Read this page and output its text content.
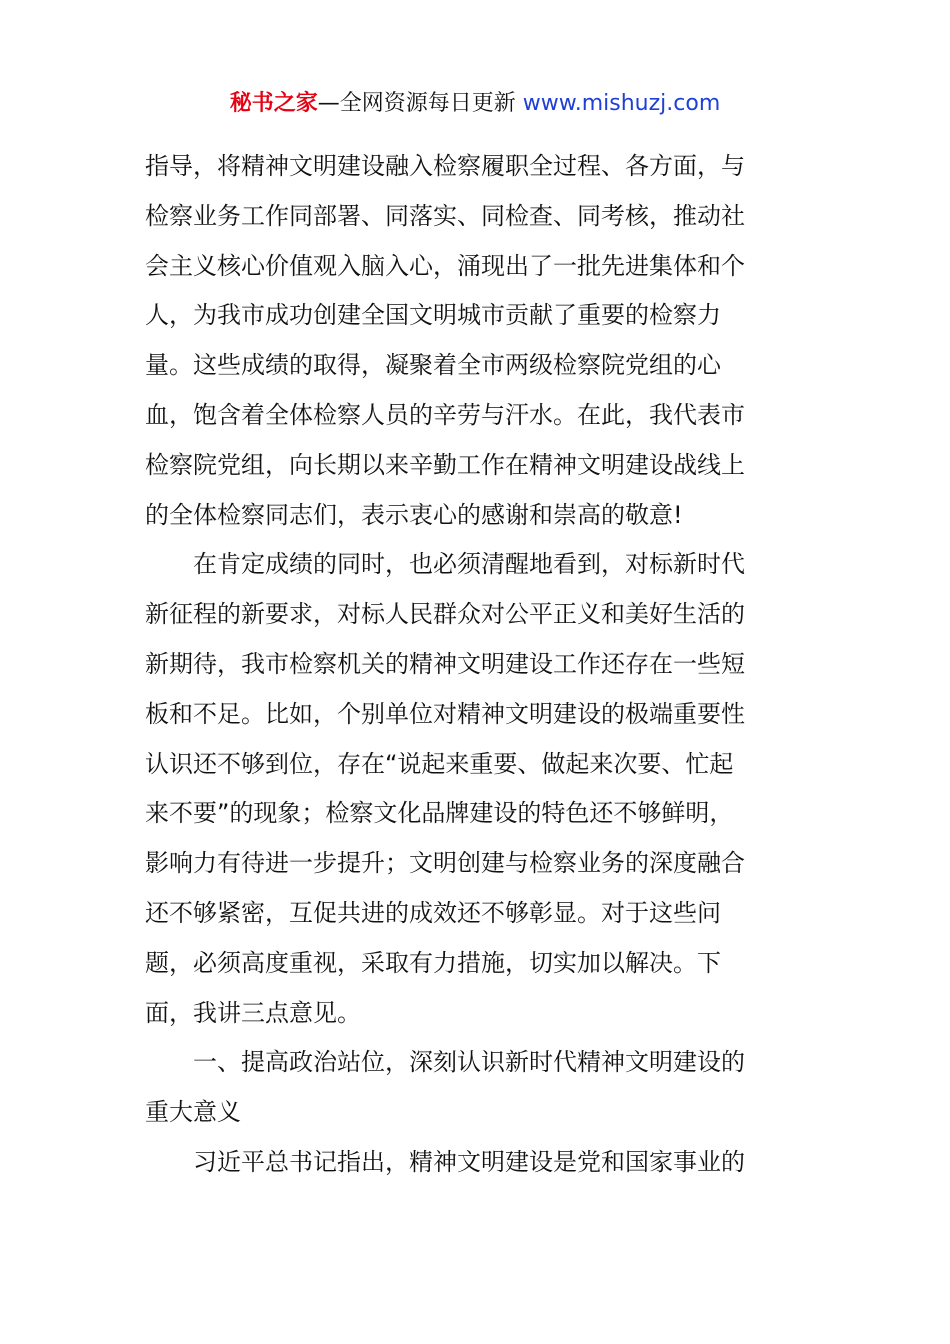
秘书之家—全网资源每日更新 www.mishuzj.com
指导，将精神文明建设融入检察履职全过程、各方面，与
检察业务工作同部署、同落实、同检查、同考核，推动社
会主义核心价值观入脑入心，涌现出了一批先进集体和个
人，为我市成功创建全国文明城市贡献了重要的检察力
量。这些成绩的取得，凝聚着全市两级检察院党组的心
血，饱含着全体检察人员的辛劳与汗水。在此，我代表市
检察院党组，向长期以来辛勤工作在精神文明建设战线上
的全体检察同志们，表示衷心的感谢和崇高的敬意!
在肯定成绩的同时，也必须清醒地看到，对标新时代
新征程的新要求，对标人民群众对公平正义和美好生活的
新期待，我市检察机关的精神文明建设工作还存在一些短
板和不足。比如，个别单位对精神文明建设的极端重要性
认识还不够到位，存在“说起来重要、做起来次要、忙起
来不要”的现象；检察文化品牌建设的特色还不够鲜明，
影响力有待进一步提升；文明创建与检察业务的深度融合
还不够紧密，互促共进的成效还不够彰显。对于这些问
题，必须高度重视，采取有力措施，切实加以解决。下
面，我讲三点意见。
一、提高政治站位，深刻认识新时代精神文明建设的
重大意义
习近平总书记指出，精神文明建设是党和国家事业的
